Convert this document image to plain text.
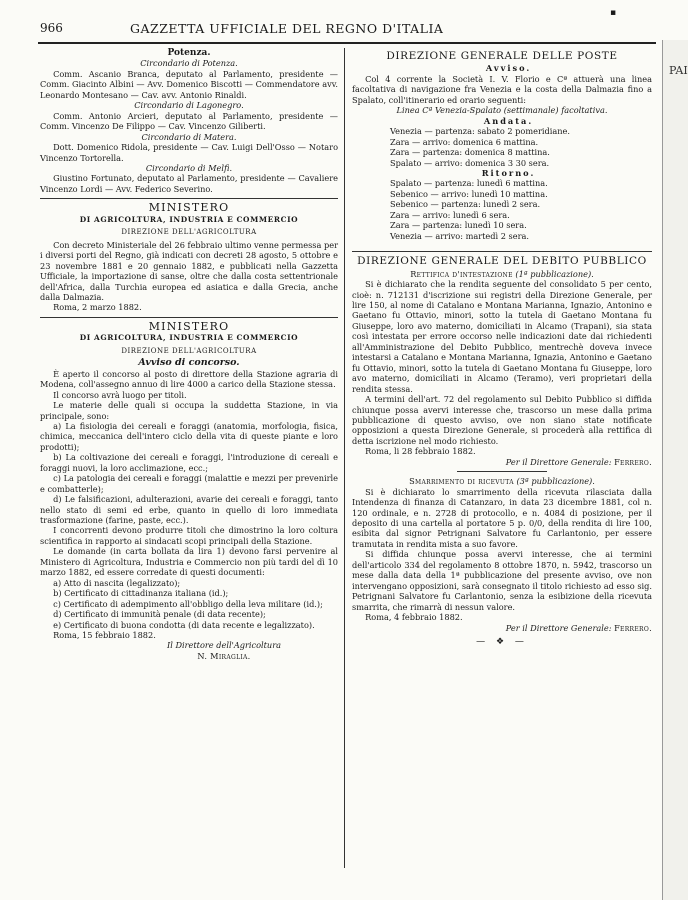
966	GAZZETTA UFFICIALE DEL REGNO D'ITALIA
▪
PAI

Potenza.

Circondario di Potenza.

Comm. Ascanio Branca, deputato al Parlamento, presidente — Comm. Giacinto Albini — Avv. Domenico Biscotti — Commendatore avv. Leonardo Montesano — Cav. avv. Antonio Rinaldi.

Circondario di Lagonegro.

Comm. Antonio Arcieri, deputato al Parlamento, presidente — Comm. Vincenzo De Filippo — Cav. Vincenzo Giliberti.

Circondario di Matera.

Dott. Domenico Ridola, presidente — Cav. Luigi Dell'Osso — Notaro Vincenzo Tortorella.

Circondario di Melfi.

Giustino Fortunato, deputato al Parlamento, presidente — Cavaliere Vincenzo Lordi — Avv. Federico Severino.

MINISTERO
DI AGRICOLTURA, INDUSTRIA E COMMERCIO
DIREZIONE DELL'AGRICOLTURA

Con decreto Ministeriale del 26 febbraio ultimo venne permessa per i diversi porti del Regno, già indicati con decreti 28 agosto, 5 ottobre e 23 novembre 1881 e 20 gennaio 1882, e pubblicati nella Gazzetta Ufficiale, la importazione di sanse, oltre che dalla costa settentrionale dell'Africa, dalla Turchia europea ed asiatica e dalla Grecia, anche dalla Dalmazia.

Roma, 2 marzo 1882.

MINISTERO
DI AGRICOLTURA, INDUSTRIA E COMMERCIO
DIREZIONE DELL'AGRICOLTURA

Avviso di concorso.

È aperto il concorso al posto di direttore della Stazione agraria di Modena, coll'assegno annuo di lire 4000 a carico della Stazione stessa.

Il concorso avrà luogo per titoli.

Le materie delle quali si occupa la suddetta Stazione, in via principale, sono:

a) La fisiologia dei cereali e foraggi (anatomia, morfologia, fisica, chimica, meccanica dell'intero ciclo della vita di queste piante e loro prodotti);

b) La coltivazione dei cereali e foraggi, l'introduzione di cereali e foraggi nuovi, la loro acclimazione, ecc.;

c) La patologia dei cereali e foraggi (malattie e mezzi per prevenirle e combatterle);

d) Le falsificazioni, adulterazioni, avarie dei cereali e foraggi, tanto nello stato di semi ed erbe, quanto in quello di loro immediata trasformazione (farine, paste, ecc.).

I concorrenti devono produrre titoli che dimostrino la loro coltura scientifica in rapporto ai sindacati scopi principali della Stazione.

Le domande (in carta bollata da lira 1) devono farsi pervenire al Ministero di Agricoltura, Industria e Commercio non più tardi del dì 10 marzo 1882, ed essere corredate di questi documenti:

a) Atto di nascita (legalizzato);

b) Certificato di cittadinanza italiana (id.);

c) Certificato di adempimento all'obbligo della leva militare (id.);

d) Certificato di immunità penale (di data recente);

e) Certificato di buona condotta (di data recente e legalizzato).

Roma, 15 febbraio 1882.

Il Direttore dell'Agricoltura

N. Miraglia.

DIREZIONE GENERALE DELLE POSTE

Avviso.

Col 4 corrente la Società I. V. Florio e Cª attuerà una linea facoltativa di navigazione fra Venezia e la costa della Dalmazia fino a Spalato, coll'itinerario ed orario seguenti:

Linea Cª Venezia-Spalato (settimanale) facoltativa.

Andata.

Venezia — partenza: sabato 2 pomeridiane.

Zara — arrivo: domenica 6 mattina.

Zara — partenza: domenica 8 mattina.

Spalato — arrivo: domenica 3 30 sera.

Ritorno.

Spalato — partenza: lunedì 6 mattina.

Sebenico — arrivo: lunedì 10 mattina.

Sebenico — partenza: lunedì 2 sera.

Zara — arrivo: lunedì 6 sera.

Zara — partenza: lunedì 10 sera.

Venezia — arrivo: martedì 2 sera.

DIREZIONE GENERALE DEL DEBITO PUBBLICO

Rettifica d'intestazione (1ª pubblicazione).

Si è dichiarato che la rendita seguente del consolidato 5 per cento, cioè: n. 712131 d'iscrizione sui registri della Direzione Generale, per lire 150, al nome di Catalano e Montana Marianna, Ignazio, Antonino e Gaetano fu Ottavio, minori, sotto la tutela di Gaetano Montana fu Giuseppe, loro avo materno, domiciliati in Alcamo (Trapani), sia stata così intestata per errore occorso nelle indicazioni date dai richiedenti all'Amministrazione del Debito Pubblico, mentrechè doveva invece intestarsi a Catalano e Montana Marianna, Ignazia, Antonino e Gaetano fu Ottavio, minori, sotto la tutela di Gaetano Montana fu Giuseppe, loro avo materno, domiciliati in Alcamo (Teramo), veri proprietari della rendita stessa.

A termini dell'art. 72 del regolamento sul Debito Pubblico si diffida chiunque possa avervi interesse che, trascorso un mese dalla prima pubblicazione di questo avviso, ove non siano state notificate opposizioni a questa Direzione Generale, si procederà alla rettifica di detta iscrizione nel modo richiesto.

Roma, li 28 febbraio 1882.

Per il Direttore Generale: Ferrero.

Smarrimento di ricevuta (3ª pubblicazione).

Si è dichiarato lo smarrimento della ricevuta rilasciata dalla Intendenza di finanza di Catanzaro, in data 23 dicembre 1881, col n. 120 ordinale, e n. 2728 di protocollo, e n. 4084 di posizione, per il deposito di una cartella al portatore 5 p. 0/0, della rendita di lire 100, esibita dal signor Petrignani Salvatore fu Carlantonio, per essere tramutata in rendita mista a suo favore.

Si diffida chiunque possa avervi interesse, che ai termini dell'articolo 334 del regolamento 8 ottobre 1870, n. 5942, trascorso un mese dalla data della 1ª pubblicazione del presente avviso, ove non intervengano opposizioni, sarà consegnato il titolo richiesto ad esso sig. Petrignani Salvatore fu Carlantonio, senza la esibizione della ricevuta smarrita, che rimarrà di nessun valore.

Roma, 4 febbraio 1882.

Per il Direttore Generale: Ferrero.

— ❖ —
